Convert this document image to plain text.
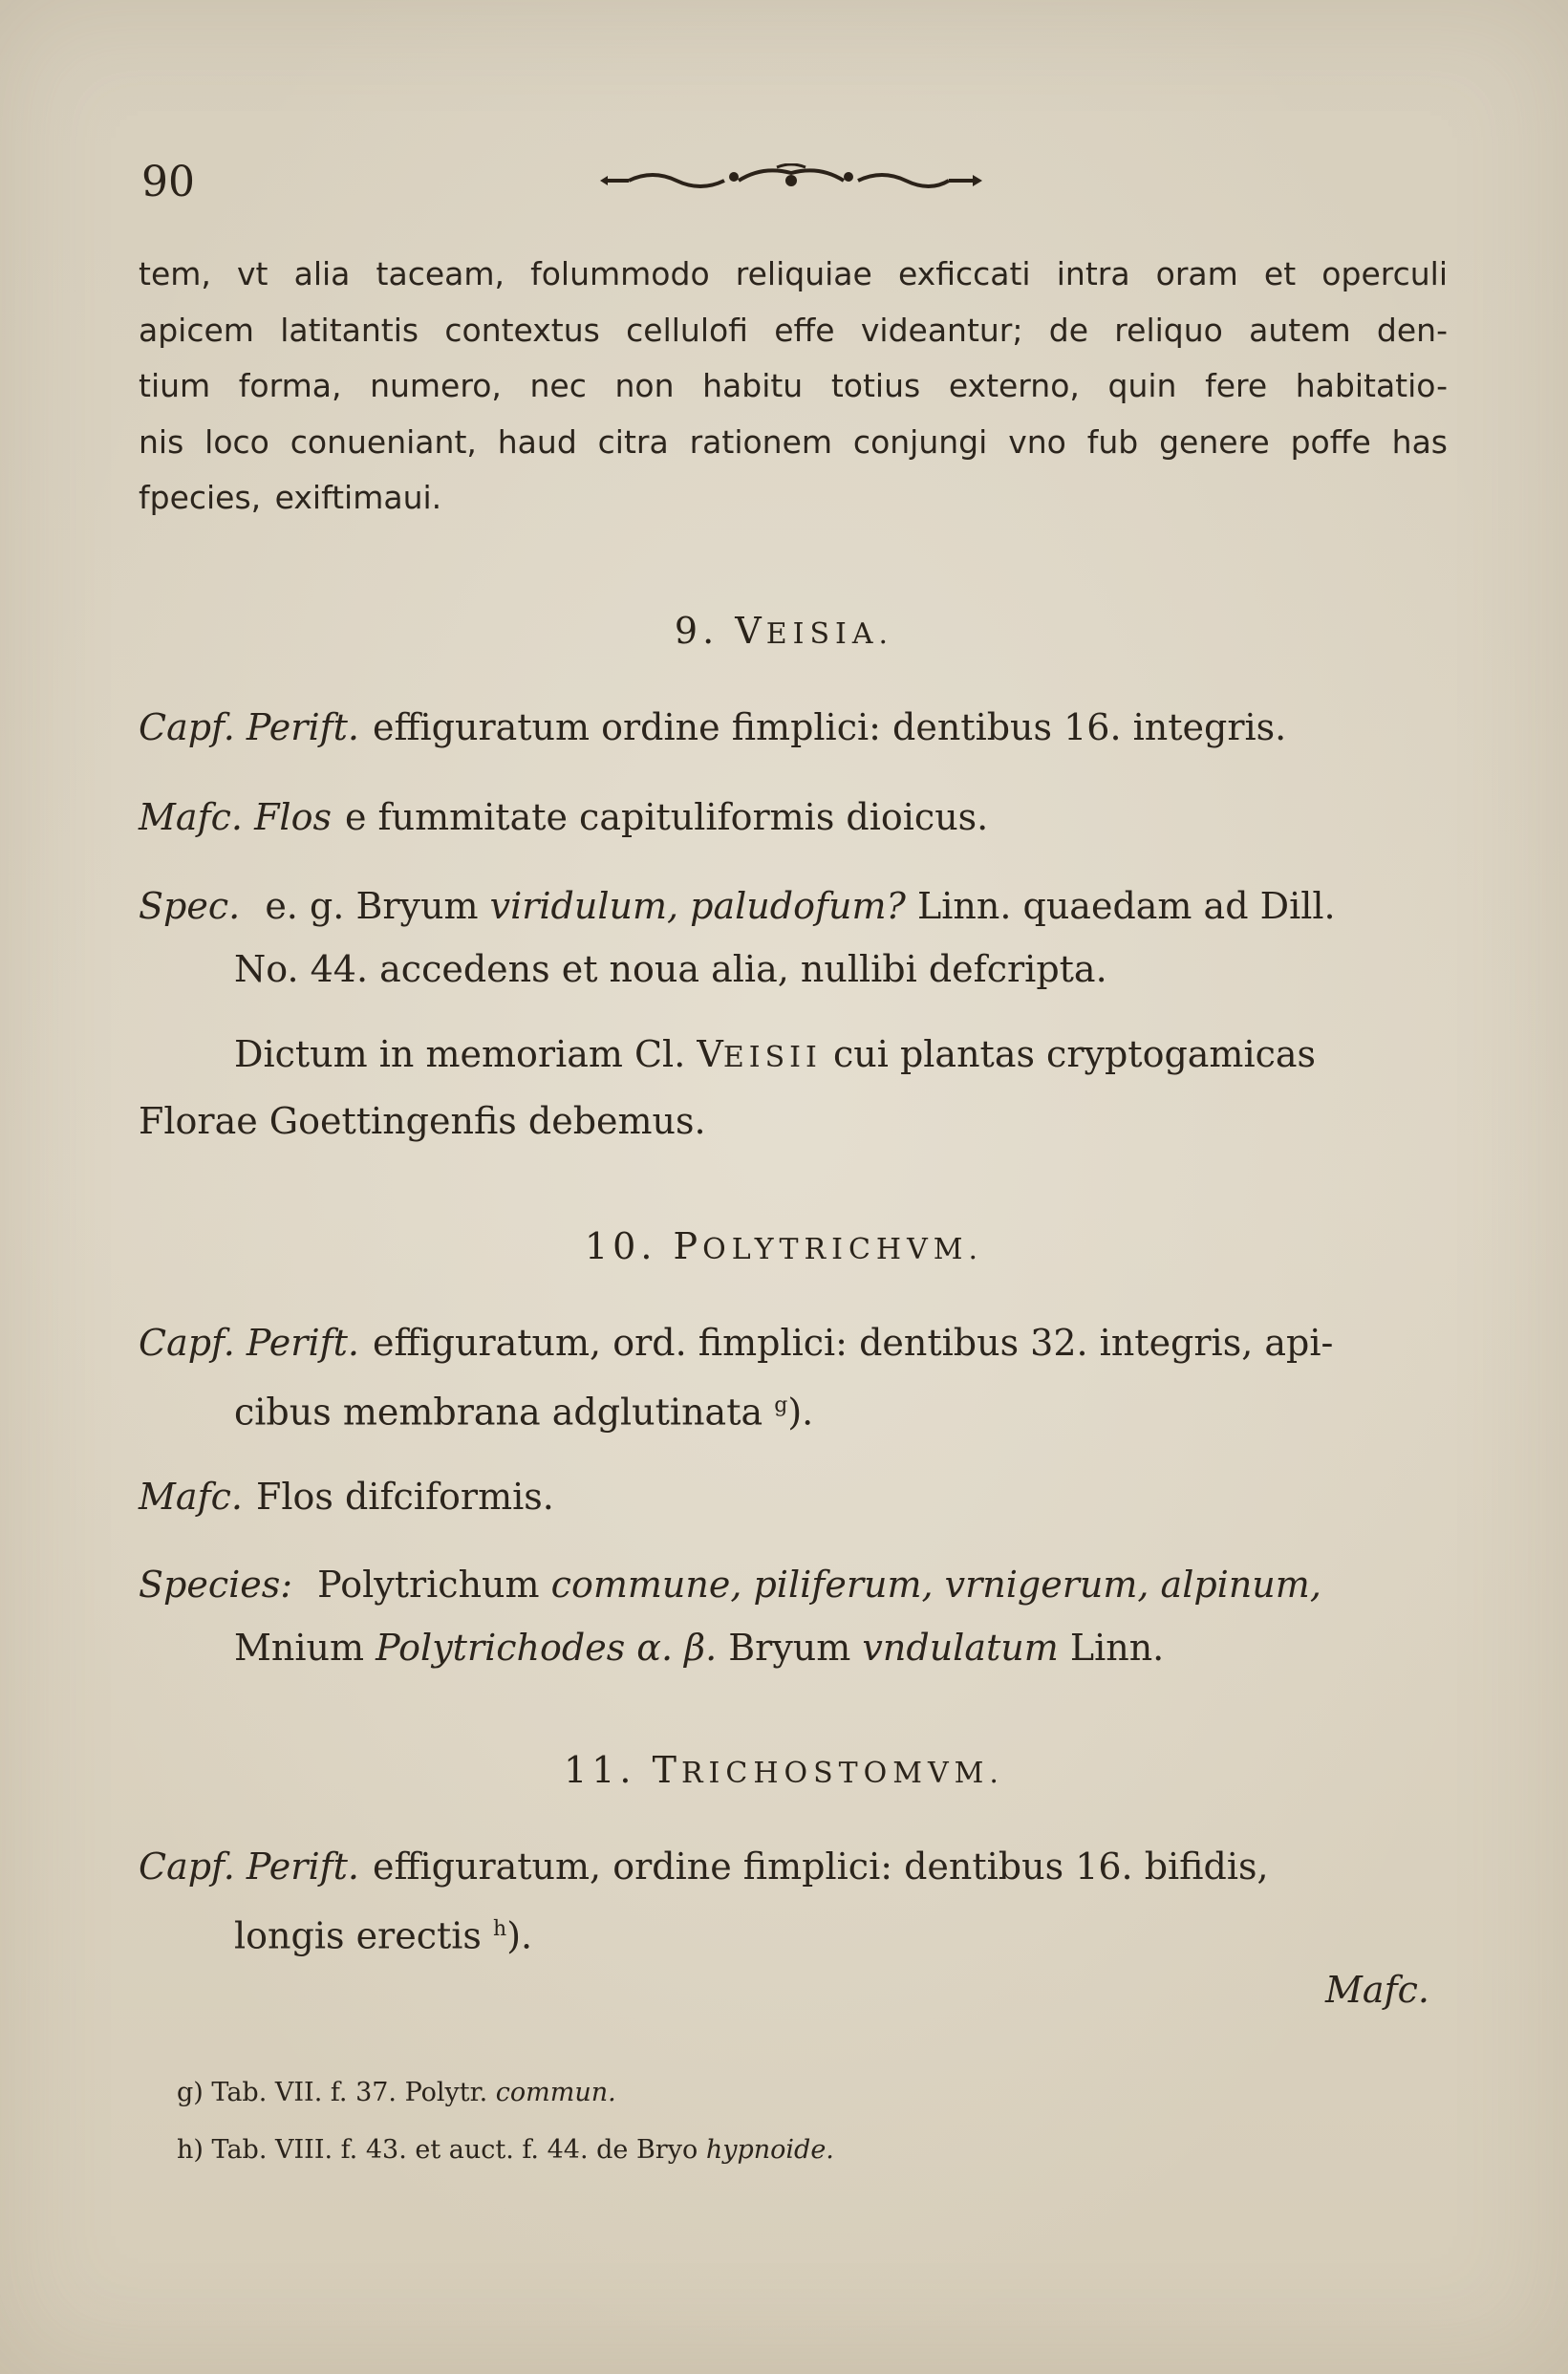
90
tem, vt alia taceam, folummodo reliquiae exficcati intra oram et operculi
apicem latitantis contextus cellulofi effe videantur; de reliquo autem den-
tium forma, numero, nec non habitu totius externo, quin fere habitatio-
nis loco conueniant, haud citra rationem conjungi vno fub genere poffe has
fpecies, exiftimaui.
9. VEISIA.
Capf. Perift. effiguratum ordine fimplici: dentibus 16. integris.
Mafc. Flos e fummitate capituliformis dioicus.
Spec. e. g. Bryum viridulum, paludofum? Linn. quaedam ad Dill.
No. 44. accedens et noua alia, nullibi defcripta.
Dictum in memoriam Cl. VEISII cui plantas cryptogamicas
Florae Goettingenfis debemus.
10. POLYTRICHVM.
Capf. Perift. effiguratum, ord. fimplici: dentibus 32. integris, api-
cibus membrana adglutinata $^g$).
Mafc. Flos difciformis.
Species: Polytrichum commune, piliferum, vrnigerum, alpinum,
Mnium Polytrichodes α. β. Bryum vndulatum Linn.
11. TRICHOSTOMVM.
Capf. Perift. effiguratum, ordine fimplici: dentibus 16. bifidis,
longis erectis $^h$).
Mafc.
g) Tab. VII. f. 37. Polytr. commun.
h) Tab. VIII. f. 43. et auct. f. 44. de Bryo hypnoide.
